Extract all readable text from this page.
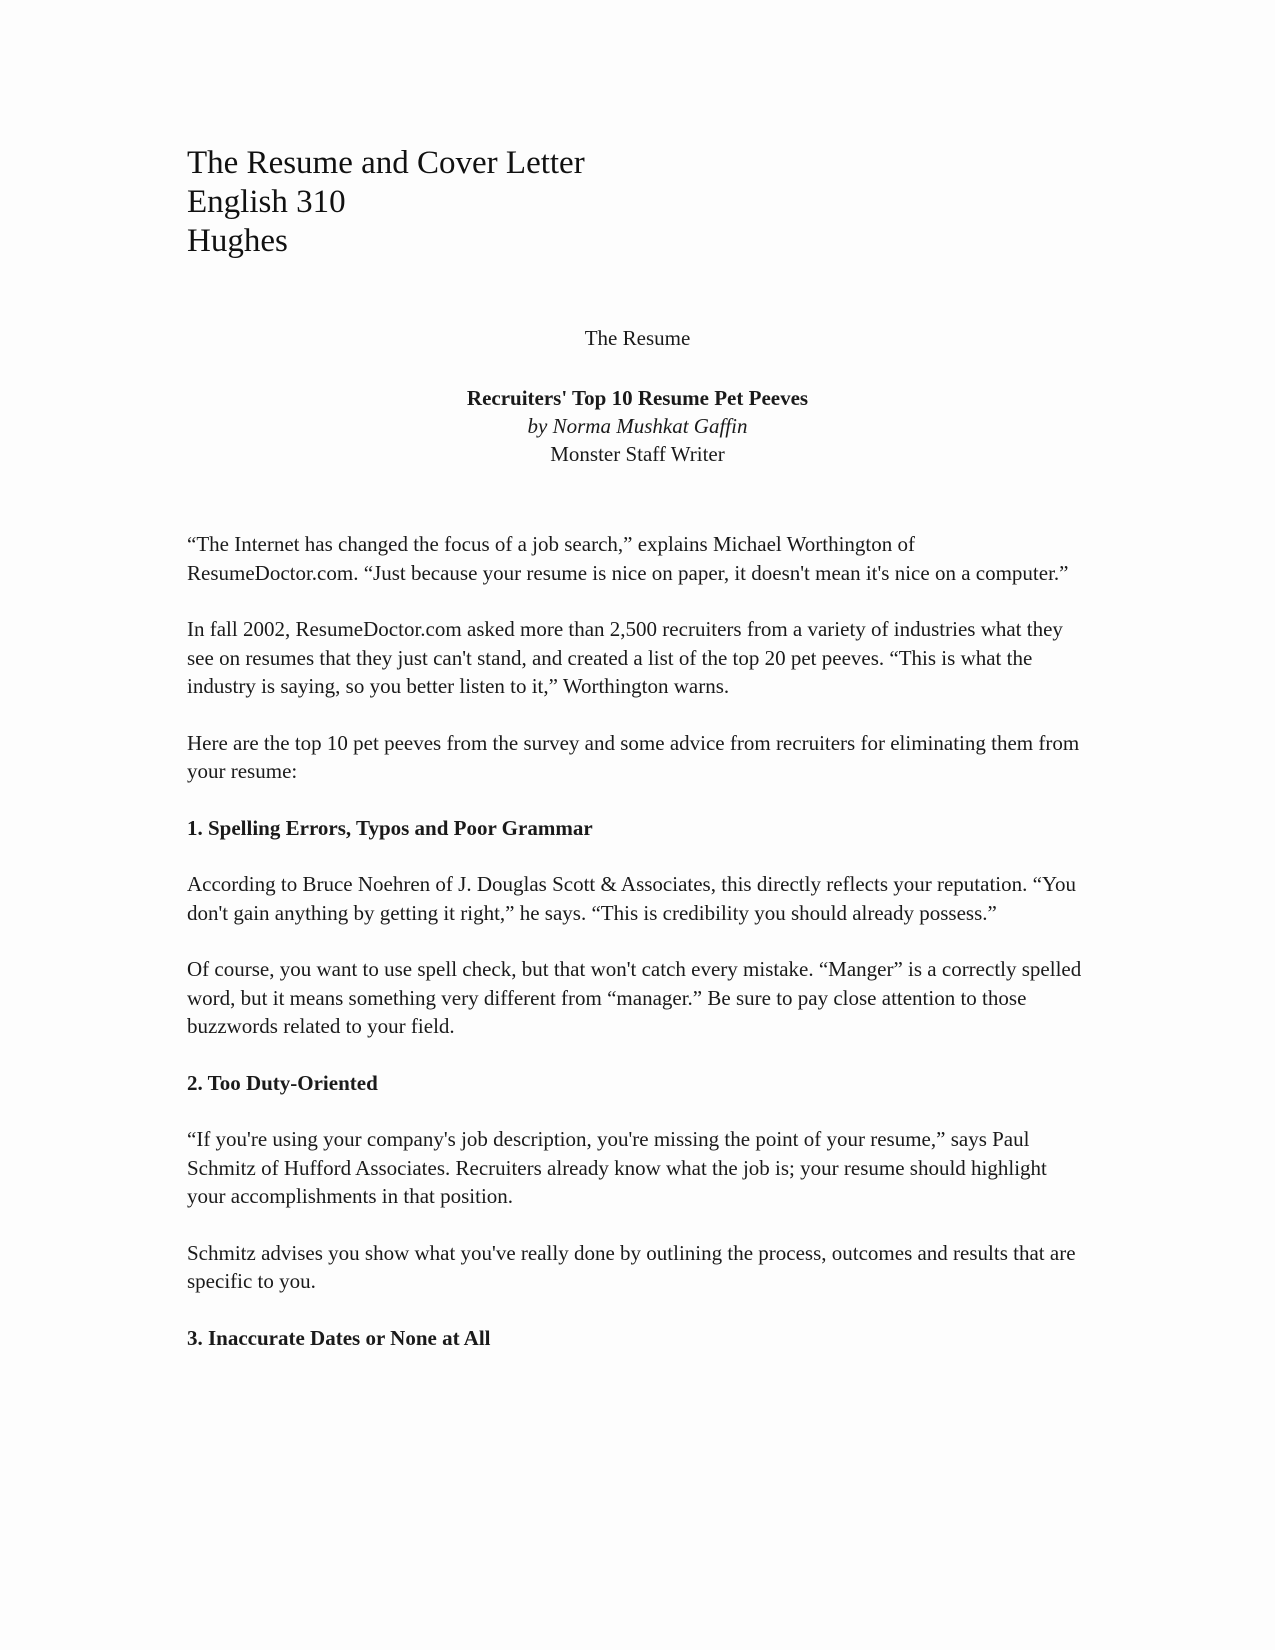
The Resume and Cover Letter
English 310
Hughes
The Resume
Recruiters' Top 10 Resume Pet Peeves
by Norma Mushkat Gaffin
Monster Staff Writer

“The Internet has changed the focus of a job search,” explains Michael Worthington of ResumeDoctor.com. “Just because your resume is nice on paper, it doesn't mean it's nice on a computer.”

In fall 2002, ResumeDoctor.com asked more than 2,500 recruiters from a variety of industries what they see on resumes that they just can't stand, and created a list of the top 20 pet peeves. “This is what the industry is saying, so you better listen to it,” Worthington warns.

Here are the top 10 pet peeves from the survey and some advice from recruiters for eliminating them from your resume:

1. Spelling Errors, Typos and Poor Grammar

According to Bruce Noehren of J. Douglas Scott & Associates, this directly reflects your reputation. “You don't gain anything by getting it right,” he says. “This is credibility you should already possess.”

Of course, you want to use spell check, but that won't catch every mistake. “Manger” is a correctly spelled word, but it means something very different from “manager.” Be sure to pay close attention to those buzzwords related to your field.

2. Too Duty-Oriented

“If you're using your company's job description, you're missing the point of your resume,” says Paul Schmitz of Hufford Associates. Recruiters already know what the job is; your resume should highlight your accomplishments in that position.

Schmitz advises you show what you've really done by outlining the process, outcomes and results that are specific to you.

3. Inaccurate Dates or None at All
